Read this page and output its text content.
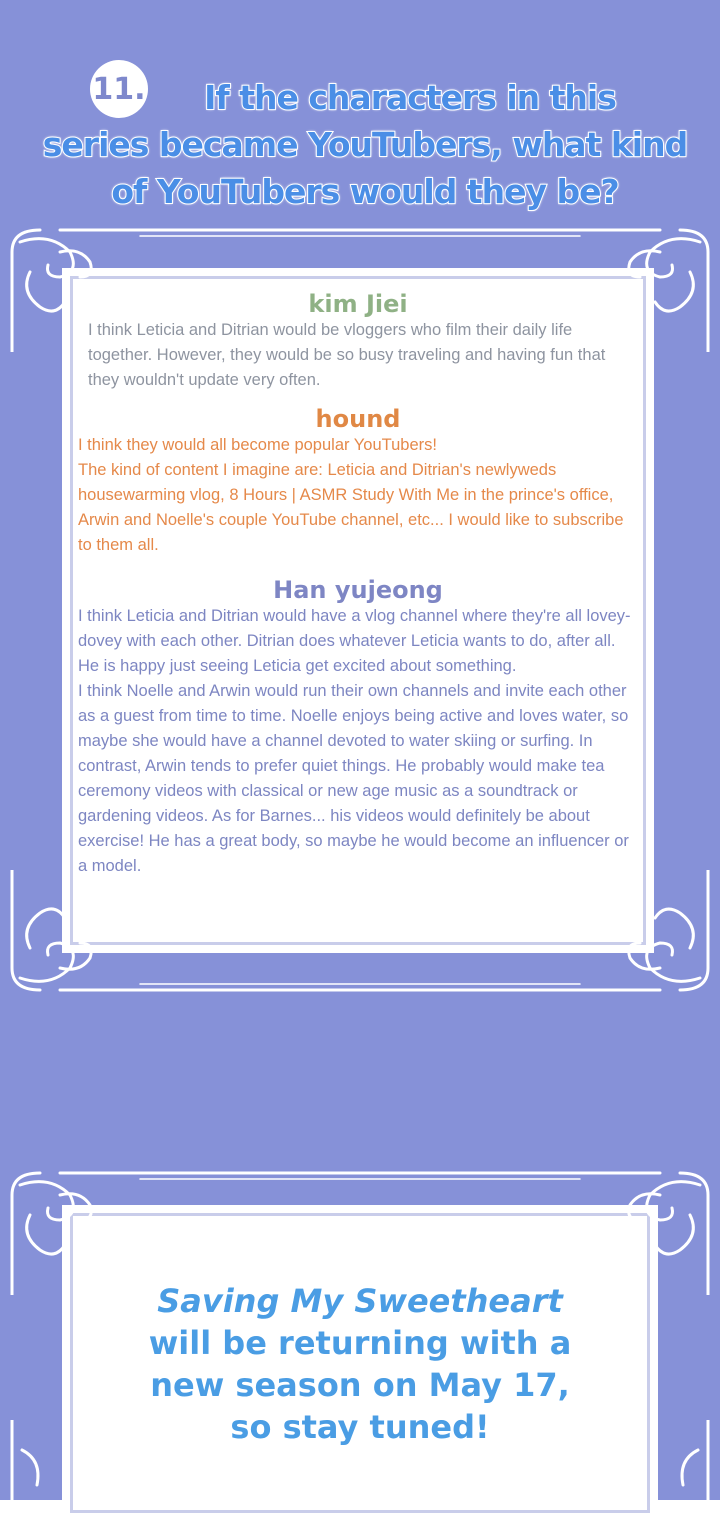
11.	If the characters in this
series became YouTubers, what kind
of YouTubers would they be?

kim Jiei

I think Leticia and Ditrian would be vloggers who film their daily life together. However, they would be so busy traveling and having fun that they wouldn't update very often.

hound

I think they would all become popular YouTubers!

The kind of content I imagine are: Leticia and Ditrian's newlyweds housewarming vlog, 8 Hours | ASMR Study With Me in the prince's office, Arwin and Noelle's couple YouTube channel, etc... I would like to subscribe to them all.

Han yujeong

I think Leticia and Ditrian would have a vlog channel where they're all lovey-dovey with each other. Ditrian does whatever Leticia wants to do, after all. He is happy just seeing Leticia get excited about something.

I think Noelle and Arwin would run their own channels and invite each other as a guest from time to time. Noelle enjoys being active and loves water, so maybe she would have a channel devoted to water skiing or surfing. In contrast, Arwin tends to prefer quiet things. He probably would make tea ceremony videos with classical or new age music as a soundtrack or gardening videos. As for Barnes... his videos would definitely be about exercise! He has a great body, so maybe he would become an influencer or a model.

Saving My Sweetheart
will be returning with a
new season on May 17,
so stay tuned!
